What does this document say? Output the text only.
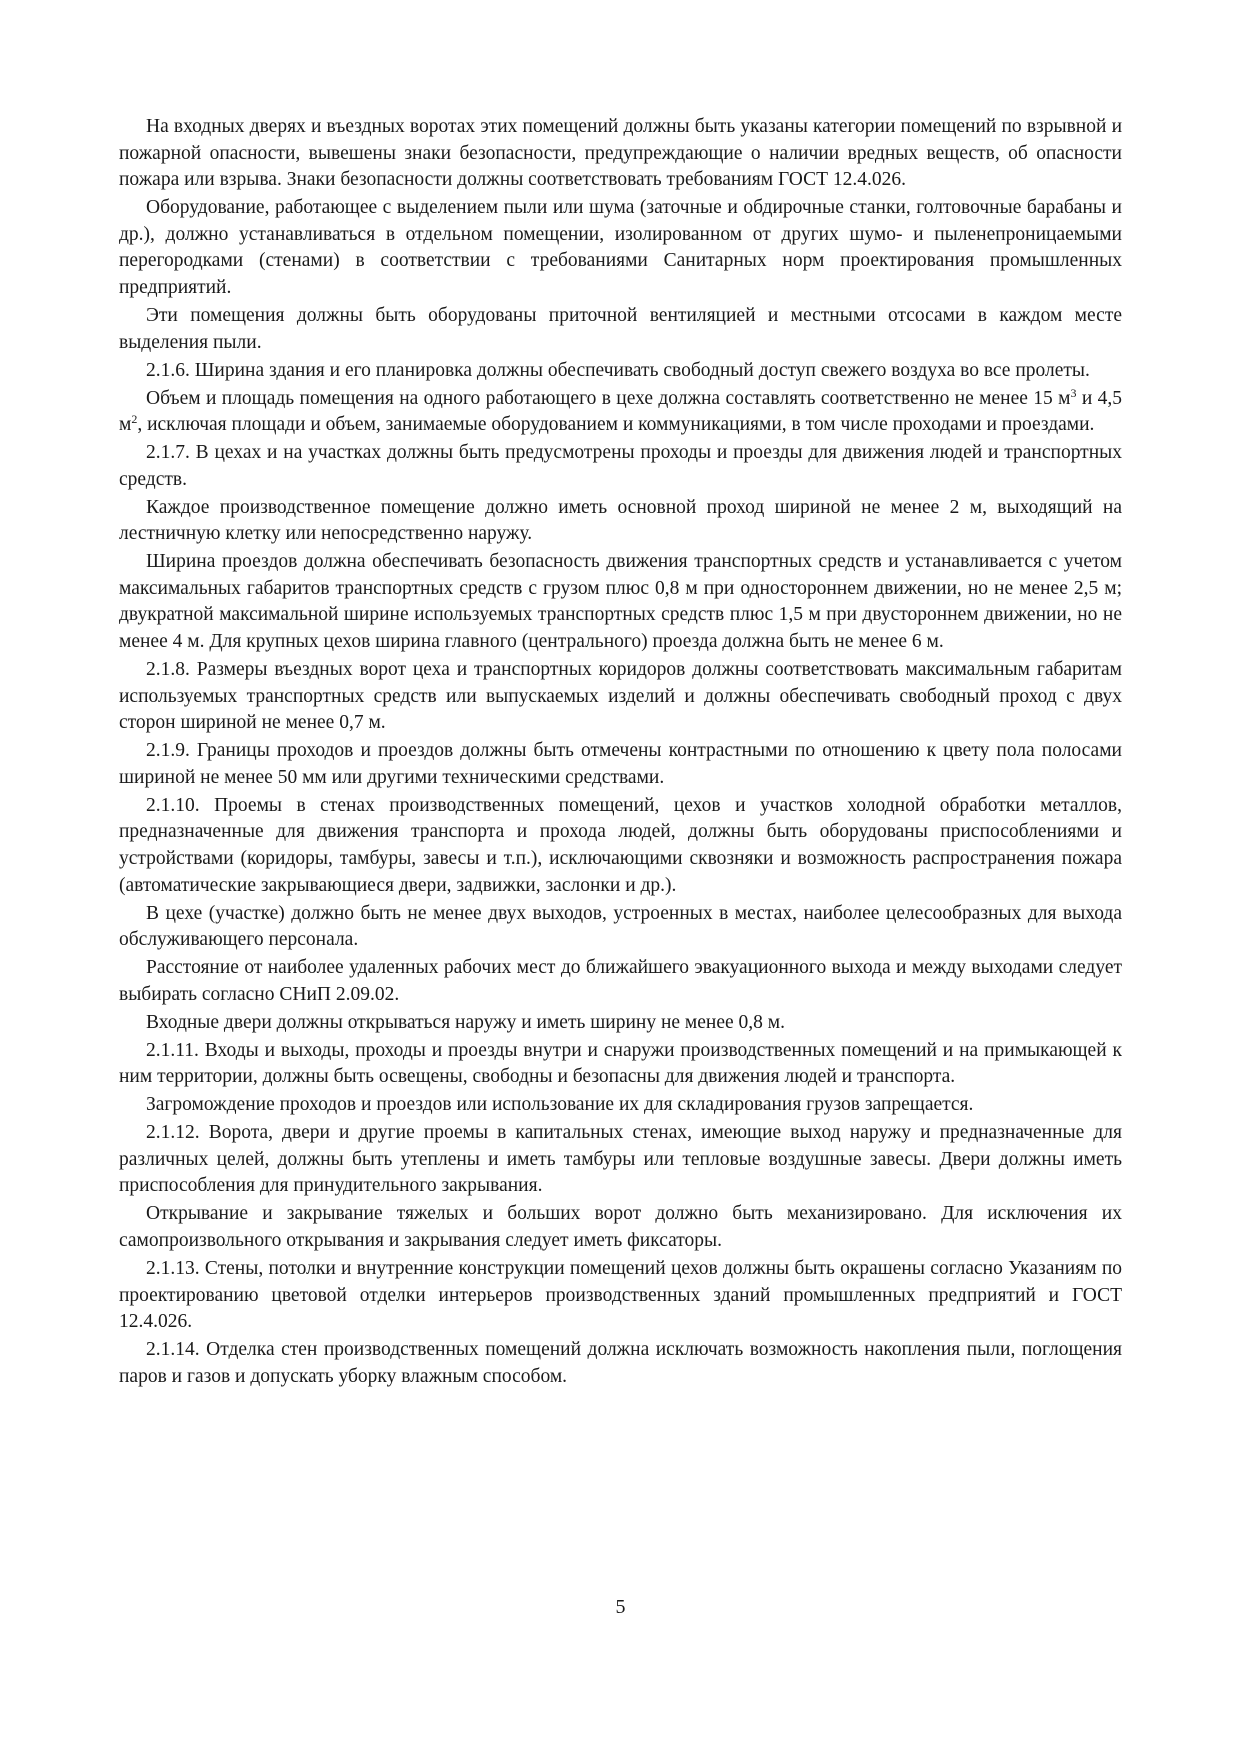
На входных дверях и въездных воротах этих помещений должны быть указаны категории помещений по взрывной и пожарной опасности, вывешены знаки безопасности, предупреждающие о наличии вредных веществ, об опасности пожара или взрыва. Знаки безопасности должны соответствовать требованиям ГОСТ 12.4.026.

Оборудование, работающее с выделением пыли или шума (заточные и обдирочные станки, голтовочные барабаны и др.), должно устанавливаться в отдельном помещении, изолированном от других шумо- и пыленепроницаемыми перегородками (стенами) в соответствии с требованиями Санитарных норм проектирования промышленных предприятий.

Эти помещения должны быть оборудованы приточной вентиляцией и местными отсосами в каждом месте выделения пыли.

2.1.6. Ширина здания и его планировка должны обеспечивать свободный доступ свежего воздуха во все пролеты.

Объем и площадь помещения на одного работающего в цехе должна составлять соответственно не менее 15 $м^3$ и 4,5 $м^2$, исключая площади и объем, занимаемые оборудованием и коммуникациями, в том числе проходами и проездами.

2.1.7. В цехах и на участках должны быть предусмотрены проходы и проезды для движения людей и транспортных средств.

Каждое производственное помещение должно иметь основной проход шириной не менее 2 м, выходящий на лестничную клетку или непосредственно наружу.

Ширина проездов должна обеспечивать безопасность движения транспортных средств и устанавливается с учетом максимальных габаритов транспортных средств с грузом плюс 0,8 м при одностороннем движении, но не менее 2,5 м; двукратной максимальной ширине используемых транспортных средств плюс 1,5 м при двустороннем движении, но не менее 4 м. Для крупных цехов ширина главного (центрального) проезда должна быть не менее 6 м.

2.1.8. Размеры въездных ворот цеха и транспортных коридоров должны соответствовать максимальным габаритам используемых транспортных средств или выпускаемых изделий и должны обеспечивать свободный проход с двух сторон шириной не менее 0,7 м.

2.1.9. Границы проходов и проездов должны быть отмечены контрастными по отношению к цвету пола полосами шириной не менее 50 мм или другими техническими средствами.

2.1.10. Проемы в стенах производственных помещений, цехов и участков холодной обработки металлов, предназначенные для движения транспорта и прохода людей, должны быть оборудованы приспособлениями и устройствами (коридоры, тамбуры, завесы и т.п.), исключающими сквозняки и возможность распространения пожара (автоматические закрывающиеся двери, задвижки, заслонки и др.).

В цехе (участке) должно быть не менее двух выходов, устроенных в местах, наиболее целесообразных для выхода обслуживающего персонала.

Расстояние от наиболее удаленных рабочих мест до ближайшего эвакуационного выхода и между выходами следует выбирать согласно СНиП 2.09.02.

Входные двери должны открываться наружу и иметь ширину не менее 0,8 м.

2.1.11. Входы и выходы, проходы и проезды внутри и снаружи производственных помещений и на примыкающей к ним территории, должны быть освещены, свободны и безопасны для движения людей и транспорта.

Загромождение проходов и проездов или использование их для складирования грузов запрещается.

2.1.12. Ворота, двери и другие проемы в капитальных стенах, имеющие выход наружу и предназначенные для различных целей, должны быть утеплены и иметь тамбуры или тепловые воздушные завесы. Двери должны иметь приспособления для принудительного закрывания.

Открывание и закрывание тяжелых и больших ворот должно быть механизировано. Для исключения их самопроизвольного открывания и закрывания следует иметь фиксаторы.

2.1.13. Стены, потолки и внутренние конструкции помещений цехов должны быть окрашены согласно Указаниям по проектированию цветовой отделки интерьеров производственных зданий промышленных предприятий и ГОСТ 12.4.026.

2.1.14. Отделка стен производственных помещений должна исключать возможность накопления пыли, поглощения паров и газов и допускать уборку влажным способом.

5
